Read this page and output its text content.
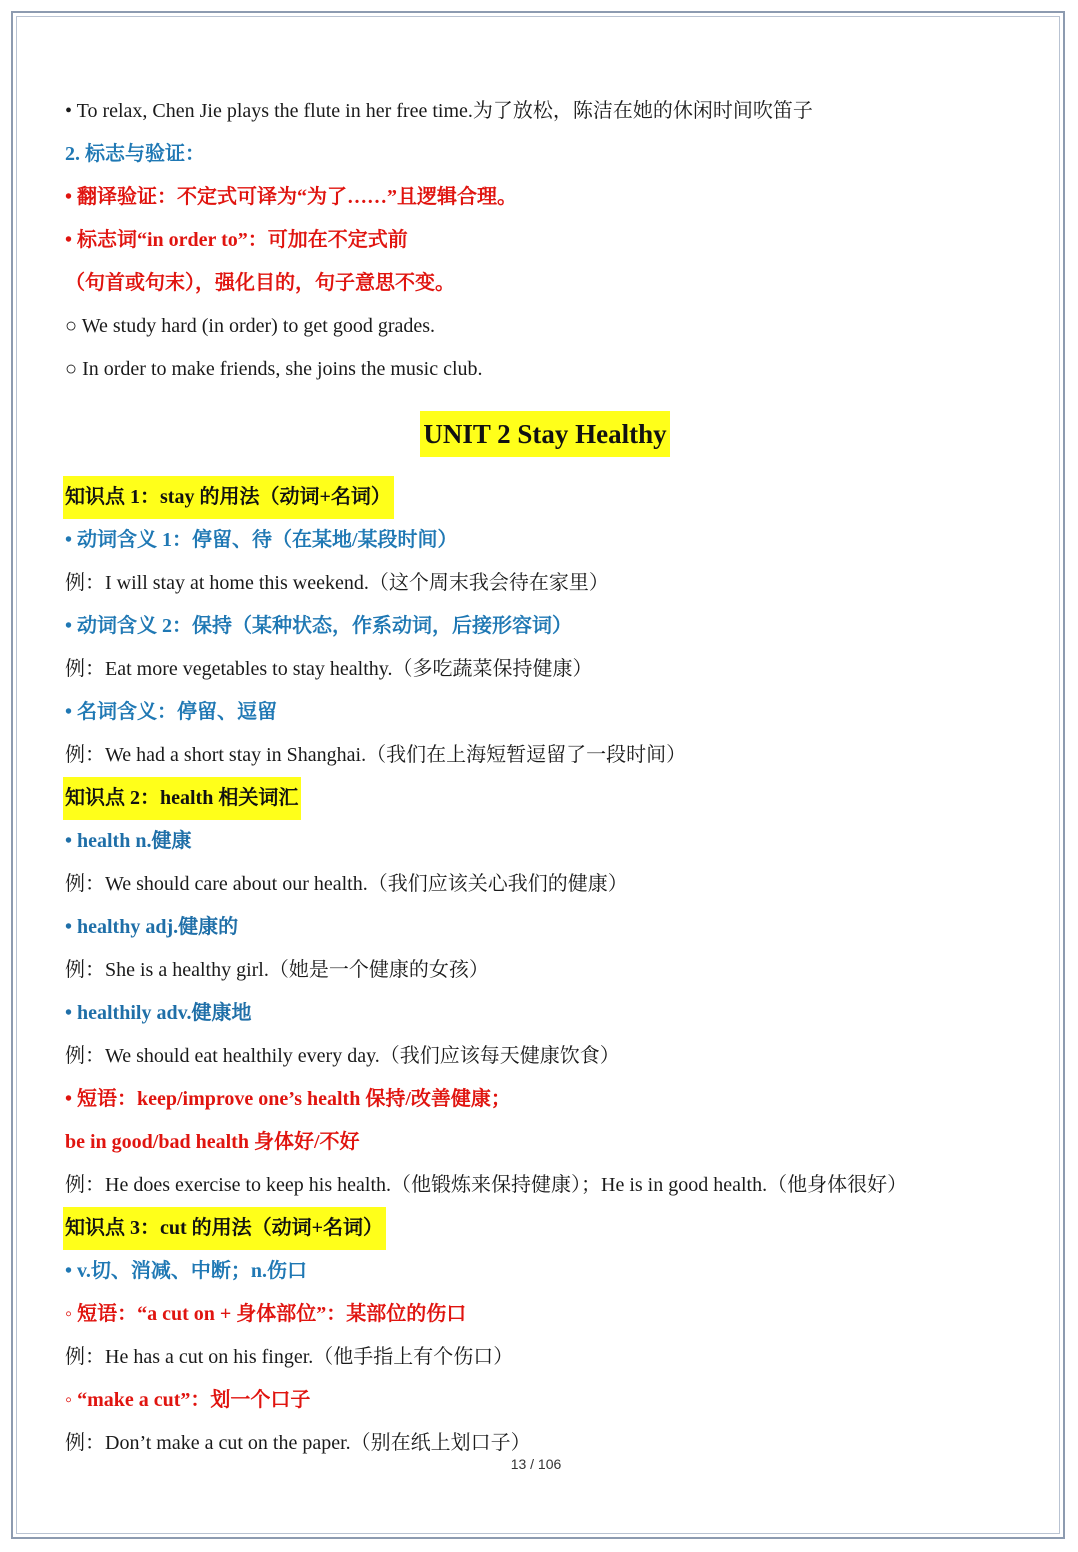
• To relax, Chen Jie plays the flute in her free time.为了放松，陈洁在她的休闲时间吹笛子
2. 标志与验证：
• 翻译验证：不定式可译为“为了……”且逻辑合理。
• 标志词“in order to”：可加在不定式前
（句首或句末），强化目的，句子意思不变。
○ We study hard (in order) to get good grades.
○ In order to make friends, she joins the music club.
UNIT 2 Stay Healthy
知识点 1：stay 的用法（动词+名词）
• 动词含义 1：停留、待（在某地/某段时间）
例：I will stay at home this weekend.（这个周末我会待在家里）
• 动词含义 2：保持（某种状态，作系动词，后接形容词）
例：Eat more vegetables to stay healthy.（多吃蔬菜保持健康）
• 名词含义：停留、逗留
例：We had a short stay in Shanghai.（我们在上海短暂逗留了一段时间）
知识点 2：health 相关词汇
• health n.健康
例：We should care about our health.（我们应该关心我们的健康）
• healthy adj.健康的
例：She is a healthy girl.（她是一个健康的女孩）
• healthily adv.健康地
例：We should eat healthily every day.（我们应该每天健康饮食）
• 短语：keep/improve one’s health 保持/改善健康；
be in good/bad health 身体好/不好
例：He does exercise to keep his health.（他锻炼来保持健康）；He is in good health.（他身体很好）
知识点 3：cut 的用法（动词+名词）
• v.切、消减、中断；n.伤口
◦ 短语：“a cut on + 身体部位”：某部位的伤口
例：He has a cut on his finger.（他手指上有个伤口）
◦ “make a cut”：划一个口子
例：Don’t make a cut on the paper.（别在纸上划口子）
13 / 106
